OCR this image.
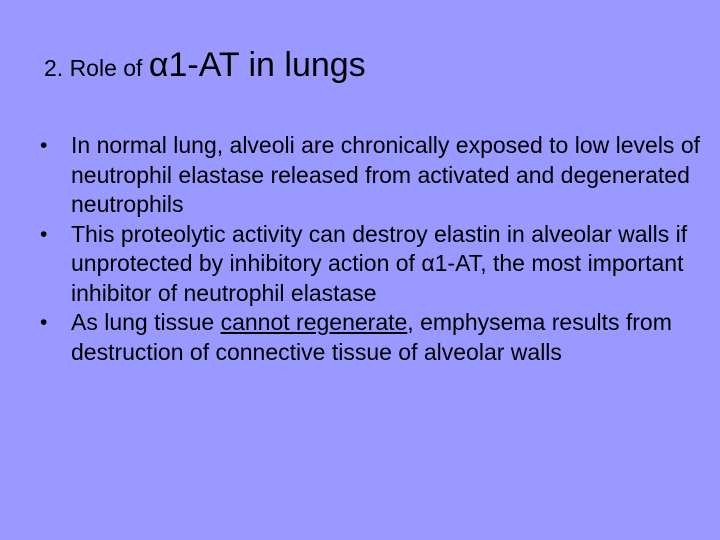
2. Role of α1-AT in lungs
• In normal lung, alveoli are chronically exposed to low levels of neutrophil elastase released from activated and degenerated neutrophils
• This proteolytic activity can destroy elastin in alveolar walls if unprotected by inhibitory action of α1-AT, the most important inhibitor of neutrophil elastase
• As lung tissue cannot regenerate, emphysema results from destruction of connective tissue of alveolar walls
